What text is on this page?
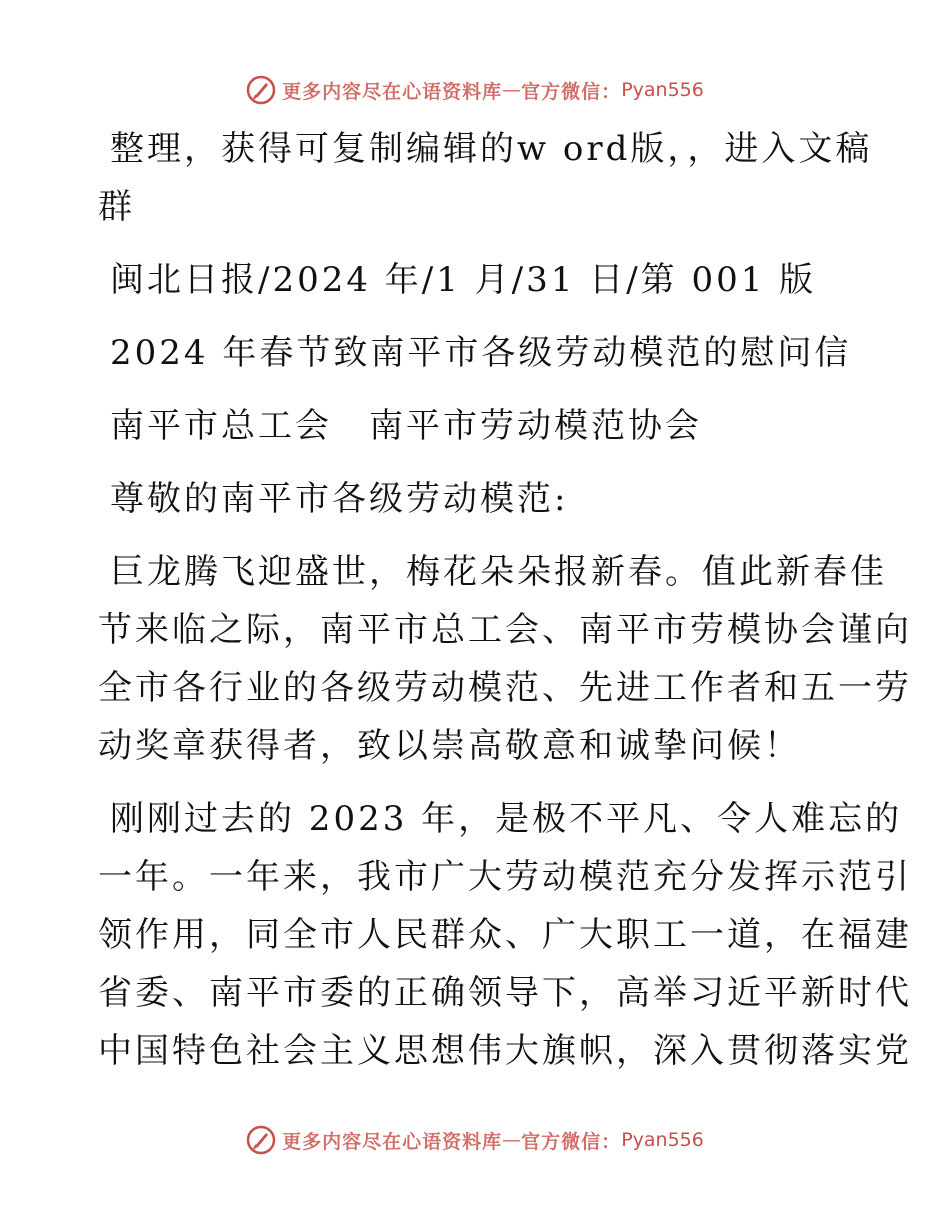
更多内容尽在心语资料库 — 官方微信： Pyan556
整理，获得可复制编辑的w ord版，，进入文稿
群
闽北日报/2024 年/1 月/31 日/第 001 版
2024 年春节致南平市各级劳动模范的慰问信
南平市总工会　南平市劳动模范协会
尊敬的南平市各级劳动模范:
巨龙腾飞迎盛世，梅花朵朵报新春。值此新春佳
节来临之际，南平市总工会、南平市劳模协会谨向
全市各行业的各级劳动模范、先进工作者和五一劳
动奖章获得者，致以崇高敬意和诚挚问候！
刚刚过去的 2023 年，是极不平凡、令人难忘的
一年。一年来，我市广大劳动模范充分发挥示范引
领作用，同全市人民群众、广大职工一道，在福建
省委、南平市委的正确领导下，高举习近平新时代
中国特色社会主义思想伟大旗帜，深入贯彻落实党
更多内容尽在心语资料库 — 官方微信： Pyan556
